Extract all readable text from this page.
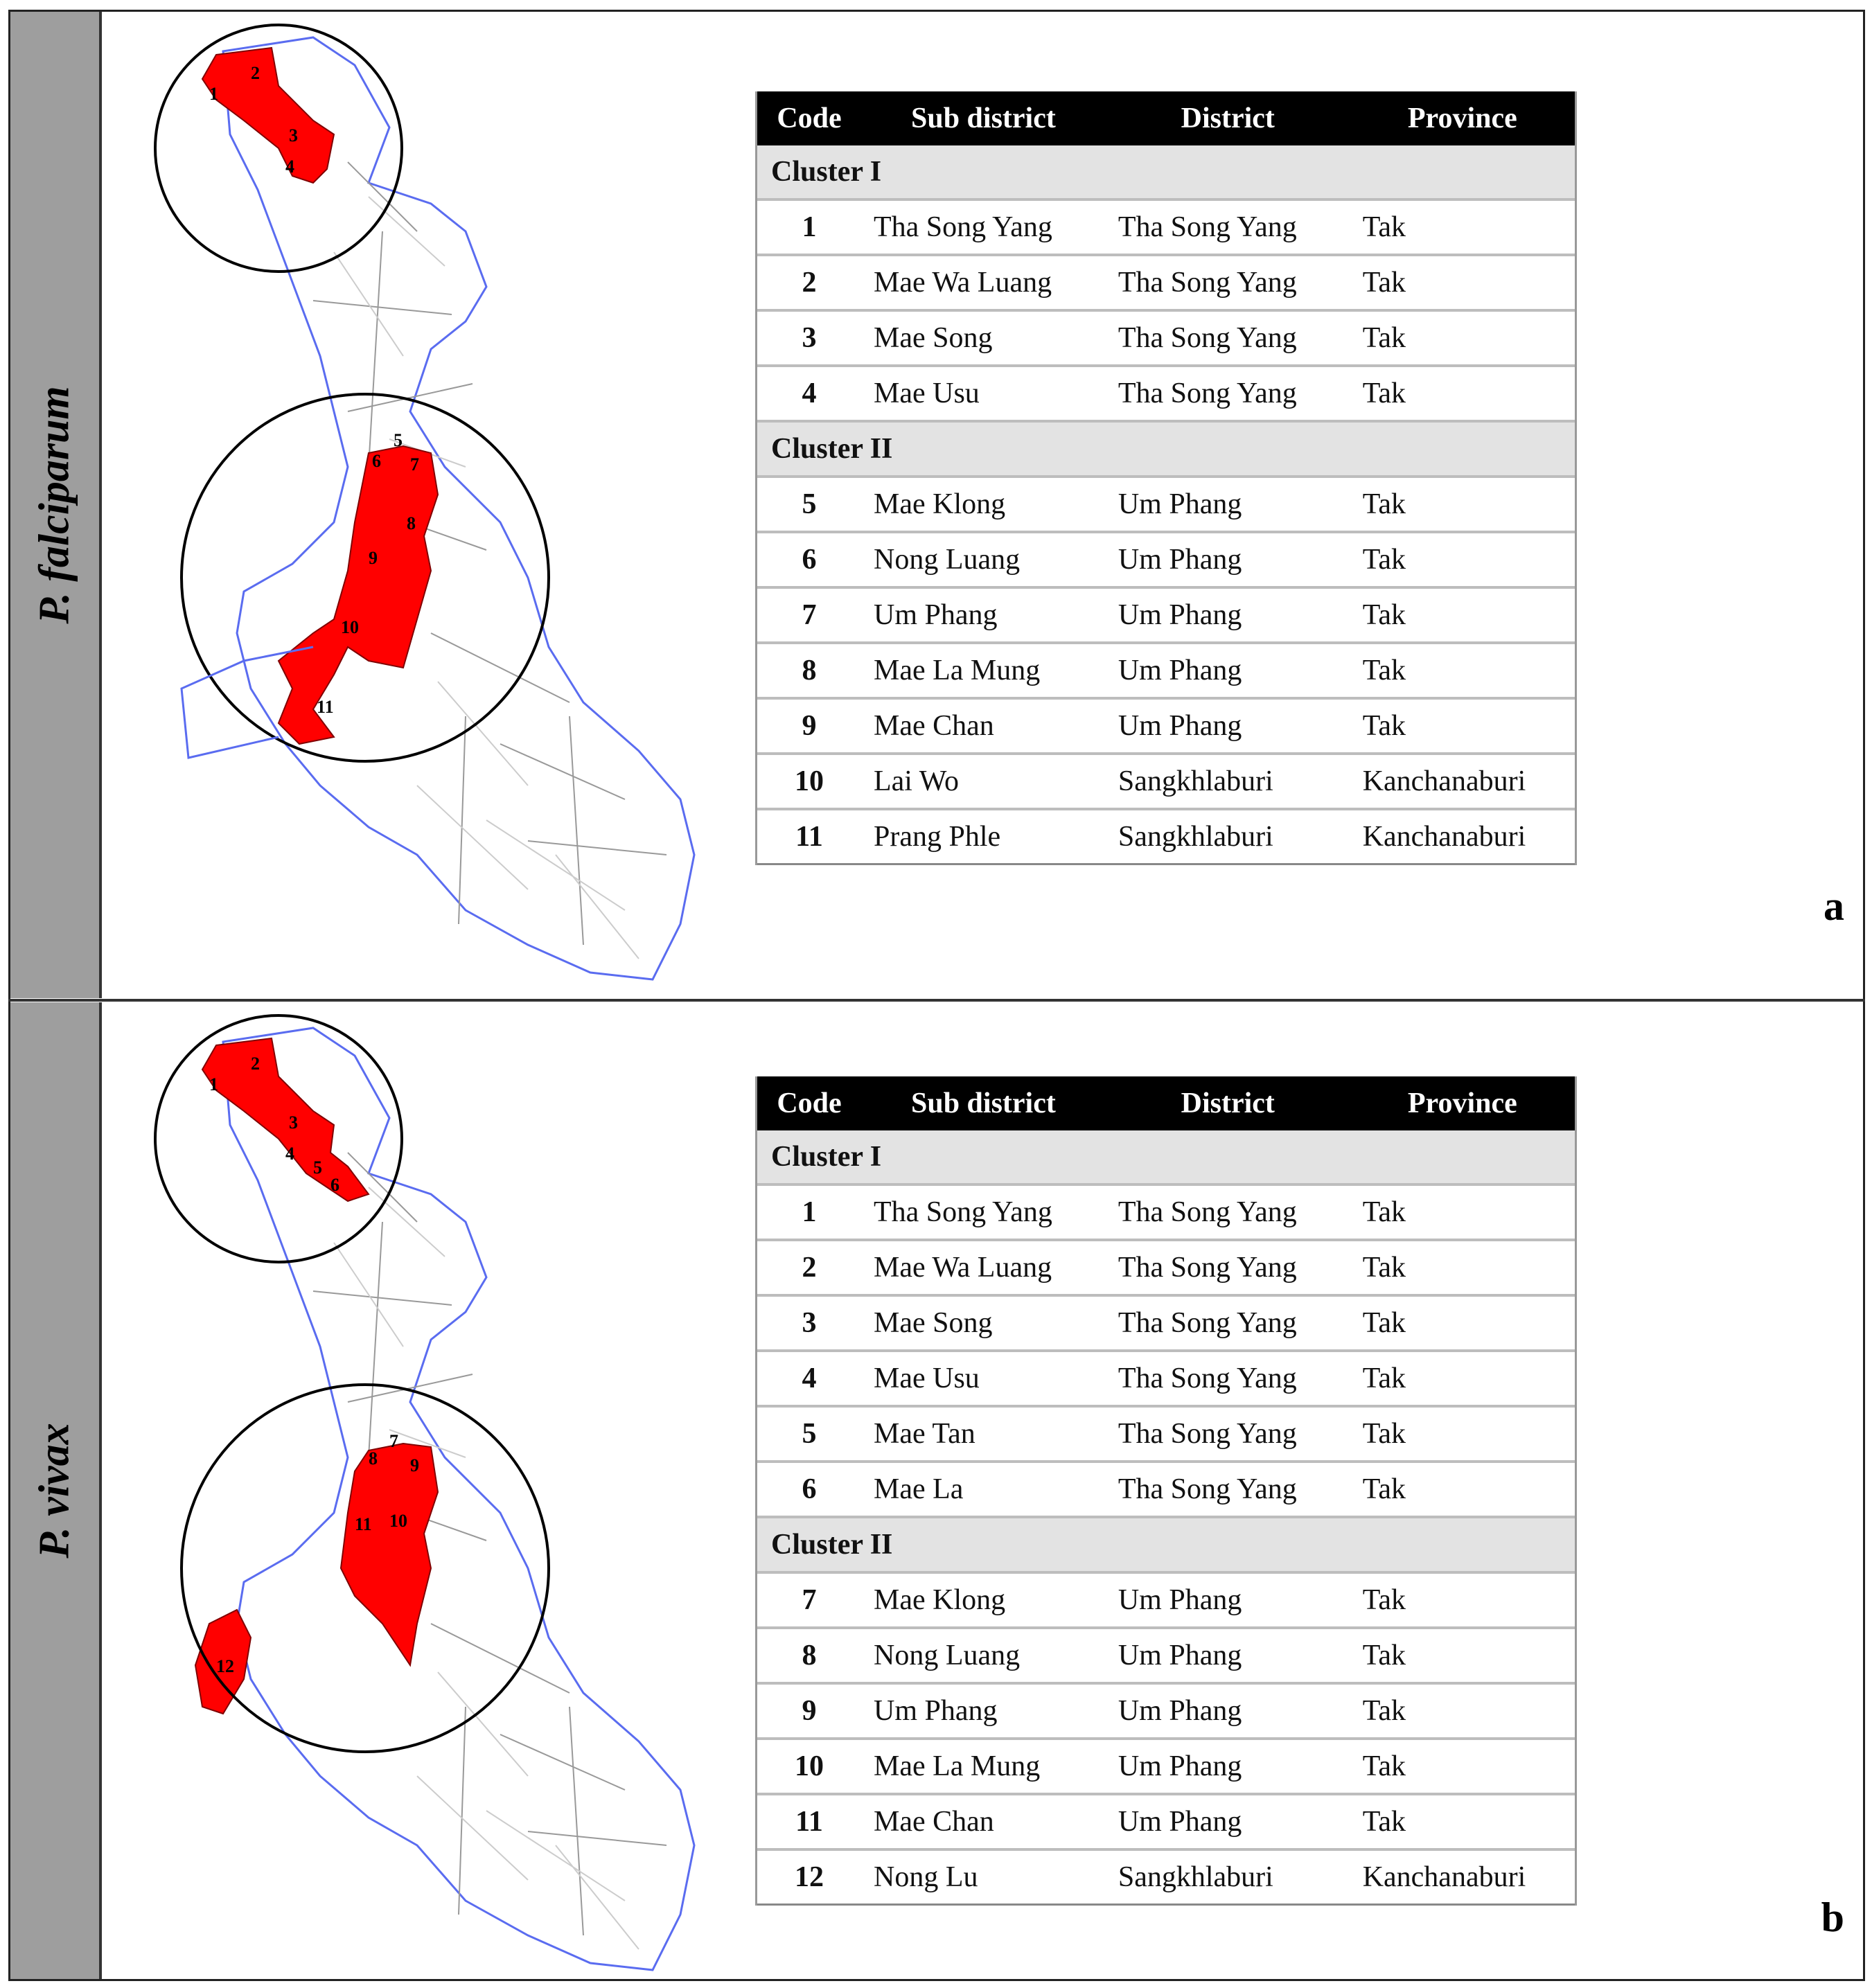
P. falciparum
1
2
3
4
5
6 7
8
9
10
11
Code	Sub district	District	Province
Cluster I			
1	Tha Song Yang	Tha Song Yang	Tak
2	Mae Wa Luang	Tha Song Yang	Tak
3	Mae Song	Tha Song Yang	Tak
4	Mae Usu	Tha Song Yang	Tak
Cluster II			
5	Mae Klong	Um Phang	Tak
6	Nong Luang	Um Phang	Tak
7	Um Phang	Um Phang	Tak
8	Mae La Mung	Um Phang	Tak
9	Mae Chan	Um Phang	Tak
10	Lai Wo	Sangkhlaburi	Kanchanaburi
11	Prang Phle	Sangkhlaburi	Kanchanaburi
a
P. vivax
1
2
3
4
5
6
7
8 9
10
11
12
Code	Sub district	District	Province
Cluster I			
1	Tha Song Yang	Tha Song Yang	Tak
2	Mae Wa Luang	Tha Song Yang	Tak
3	Mae Song	Tha Song Yang	Tak
4	Mae Usu	Tha Song Yang	Tak
5	Mae Tan	Tha Song Yang	Tak
6	Mae La	Tha Song Yang	Tak
Cluster II			
7	Mae Klong	Um Phang	Tak
8	Nong Luang	Um Phang	Tak
9	Um Phang	Um Phang	Tak
10	Mae La Mung	Um Phang	Tak
11	Mae Chan	Um Phang	Tak
12	Nong Lu	Sangkhlaburi	Kanchanaburi
b
